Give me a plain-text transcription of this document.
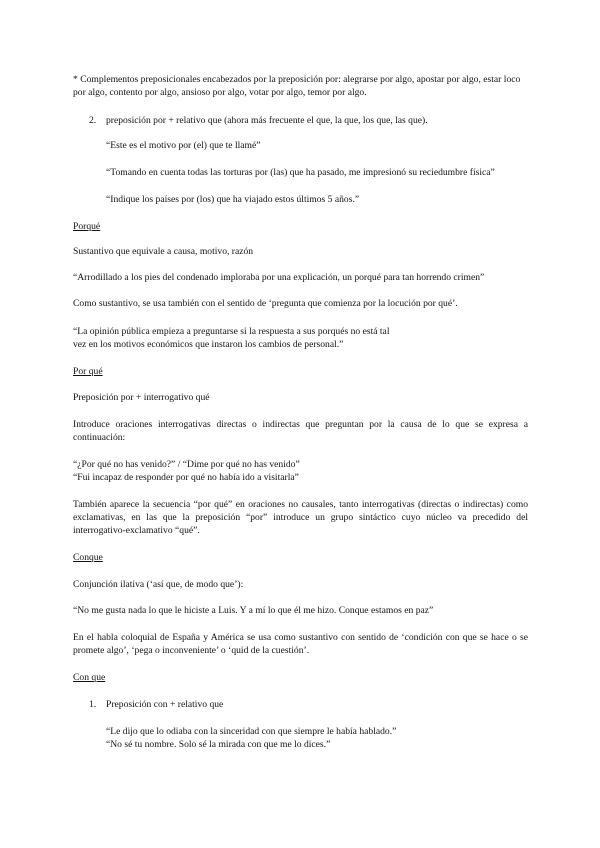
* Complementos preposicionales encabezados por la preposición por: alegrarse por algo, apostar por algo, estar loco por algo, contento por algo, ansioso por algo, votar por algo, temor por algo.

2. preposición por + relativo que (ahora más frecuente el que, la que, los que, las que).

“Este es el motivo por (el) que te llamé”

“Tomando en cuenta todas las torturas por (las) que ha pasado, me impresionó su reciedumbre física”

“Indique los países por (los) que ha viajado estos últimos 5 años.”

Porqué

Sustantivo que equivale a causa, motivo, razón

“Arrodillado a los pies del condenado imploraba por una explicación, un porqué para tan horrendo crimen”

Como sustantivo, se usa también con el sentido de ‘pregunta que comienza por la locución por qué’.

“La opinión pública empieza a preguntarse si la respuesta a sus porqués no está tal

vez en los motivos económicos que instaron los cambios de personal.”

Por qué

Preposición por + interrogativo qué

Introduce oraciones interrogativas directas o indirectas que preguntan por la causa de lo que se expresa a continuación:

“¿Por qué no has venido?” / “Dime por qué no has venido”

“Fui incapaz de responder por qué no había ido a visitarla”

También aparece la secuencia “por qué” en oraciones no causales, tanto interrogativas (directas o indirectas) como exclamativas, en las que la preposición “por” introduce un grupo sintáctico cuyo núcleo va precedido del interrogativo-exclamativo “qué”.

Conque

Conjunción ilativa (‘así que, de modo que’):

“No me gusta nada lo que le hiciste a Luis. Y a mí lo que él me hizo. Conque estamos en paz”

En el habla coloquial de España y América se usa como sustantivo con sentido de ‘condición con que se hace o se promete algo’, ‘pega o inconveniente’ o ‘quid de la cuestión’.

Con que

1. Preposición con + relativo que

“Le dijo que lo odiaba con la sinceridad con que siempre le había hablado.”

“No sé tu nombre. Solo sé la mirada con que me lo dices.”
